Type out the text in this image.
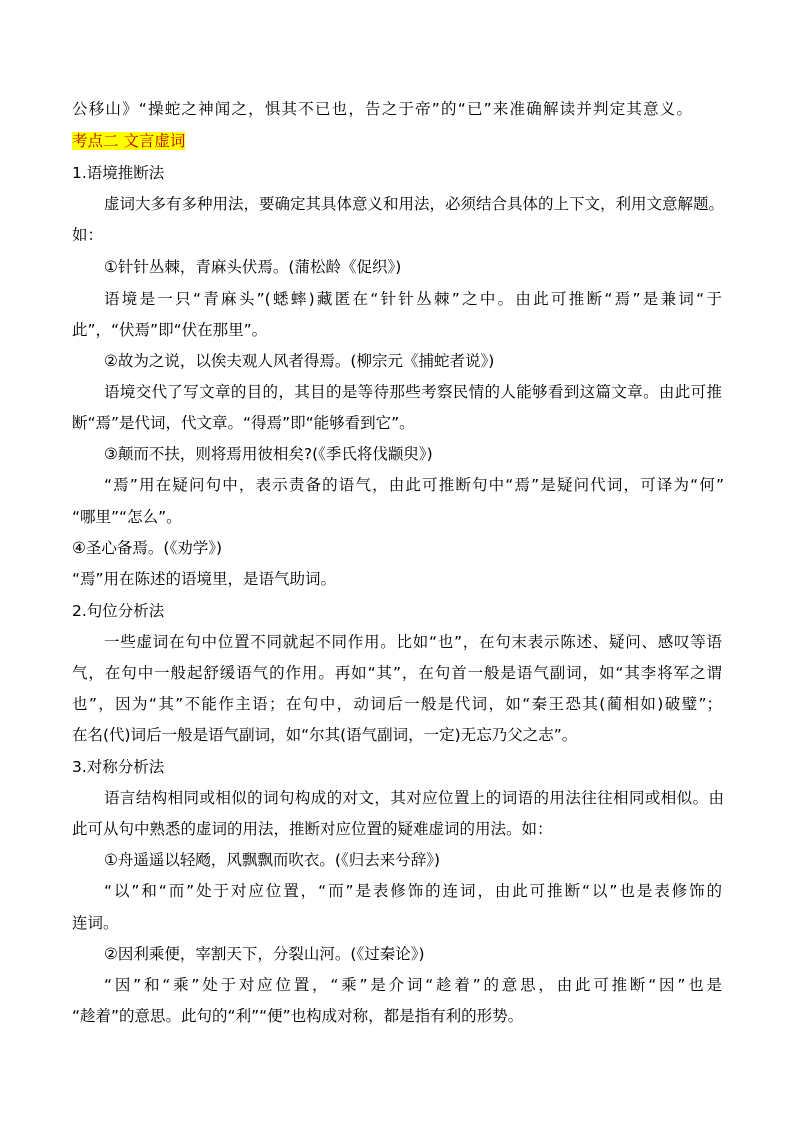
公移山》“操蛇之神闻之，惧其不已也，告之于帝”的“已”来准确解读并判定其意义。
考点二 文言虚词
1.语境推断法
虚词大多有多种用法，要确定其具体意义和用法，必须结合具体的上下文，利用文意解题。
如：
①针针丛棘，青麻头伏焉。(蒲松龄《促织》)
语境是一只“青麻头”(蟋蟀)藏匿在“针针丛棘”之中。由此可推断“焉”是兼词“于
此”，“伏焉”即“伏在那里”。
②故为之说，以俟夫观人风者得焉。(柳宗元《捕蛇者说》)
语境交代了写文章的目的，其目的是等待那些考察民情的人能够看到这篇文章。由此可推
断“焉”是代词，代文章。“得焉”即“能够看到它”。
③颠而不扶，则将焉用彼相矣?(《季氏将伐颛臾》)
“焉”用在疑问句中，表示责备的语气，由此可推断句中“焉”是疑问代词，可译为“何”
“哪里”“怎么”。
④圣心备焉。(《劝学》)
“焉”用在陈述的语境里，是语气助词。
2.句位分析法
一些虚词在句中位置不同就起不同作用。比如“也”，在句末表示陈述、疑问、感叹等语
气，在句中一般起舒缓语气的作用。再如“其”，在句首一般是语气副词，如“其李将军之谓
也”，因为“其”不能作主语；在句中，动词后一般是代词，如“秦王恐其(蔺相如)破璧”；
在名(代)词后一般是语气副词，如“尔其(语气副词，一定)无忘乃父之志”。
3.对称分析法
语言结构相同或相似的词句构成的对文，其对应位置上的词语的用法往往相同或相似。由
此可从句中熟悉的虚词的用法，推断对应位置的疑难虚词的用法。如：
①舟遥遥以轻飏，风飘飘而吹衣。(《归去来兮辞》)
“以”和“而”处于对应位置，“而”是表修饰的连词，由此可推断“以”也是表修饰的
连词。
②因利乘便，宰割天下，分裂山河。(《过秦论》)
“因”和“乘”处于对应位置，“乘”是介词“趁着”的意思，由此可推断“因”也是
“趁着”的意思。此句的“利”“便”也构成对称，都是指有利的形势。
